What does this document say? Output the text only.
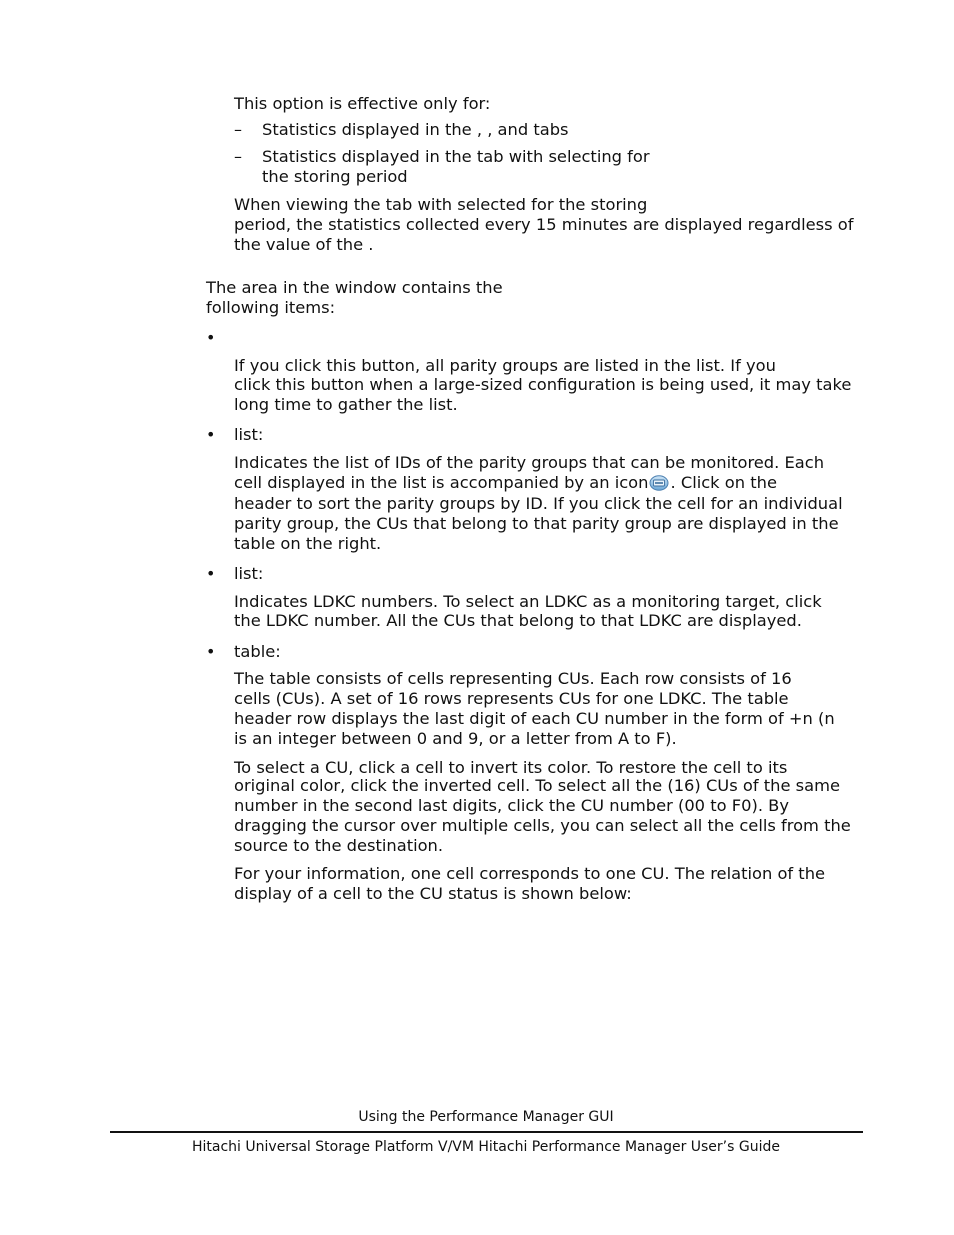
This option is effective only for:
– Statistics displayed in the , , and tabs
– Statistics displayed in the tab with selecting for
the storing period
When viewing the tab with selected for the storing
period, the statistics collected every 15 minutes are displayed regardless of
the value of the .
The area in the window contains the
following items:
•
If you click this button, all parity groups are listed in the list. If you
click this button when a large-sized configuration is being used, it may take
long time to gather the list.
• list:
Indicates the list of IDs of the parity groups that can be monitored. Each
cell displayed in the list is accompanied by an icon . Click on the
header to sort the parity groups by ID. If you click the cell for an individual
parity group, the CUs that belong to that parity group are displayed in the
table on the right.
• list:
Indicates LDKC numbers. To select an LDKC as a monitoring target, click
the LDKC number. All the CUs that belong to that LDKC are displayed.
• table:
The table consists of cells representing CUs. Each row consists of 16
cells (CUs). A set of 16 rows represents CUs for one LDKC. The table
header row displays the last digit of each CU number in the form of +n (n
is an integer between 0 and 9, or a letter from A to F).
To select a CU, click a cell to invert its color. To restore the cell to its
original color, click the inverted cell. To select all the (16) CUs of the same
number in the second last digits, click the CU number (00 to F0). By
dragging the cursor over multiple cells, you can select all the cells from the
source to the destination.
For your information, one cell corresponds to one CU. The relation of the
display of a cell to the CU status is shown below:
Using the Performance Manager GUI
Hitachi Universal Storage Platform V/VM Hitachi Performance Manager User’s Guide
